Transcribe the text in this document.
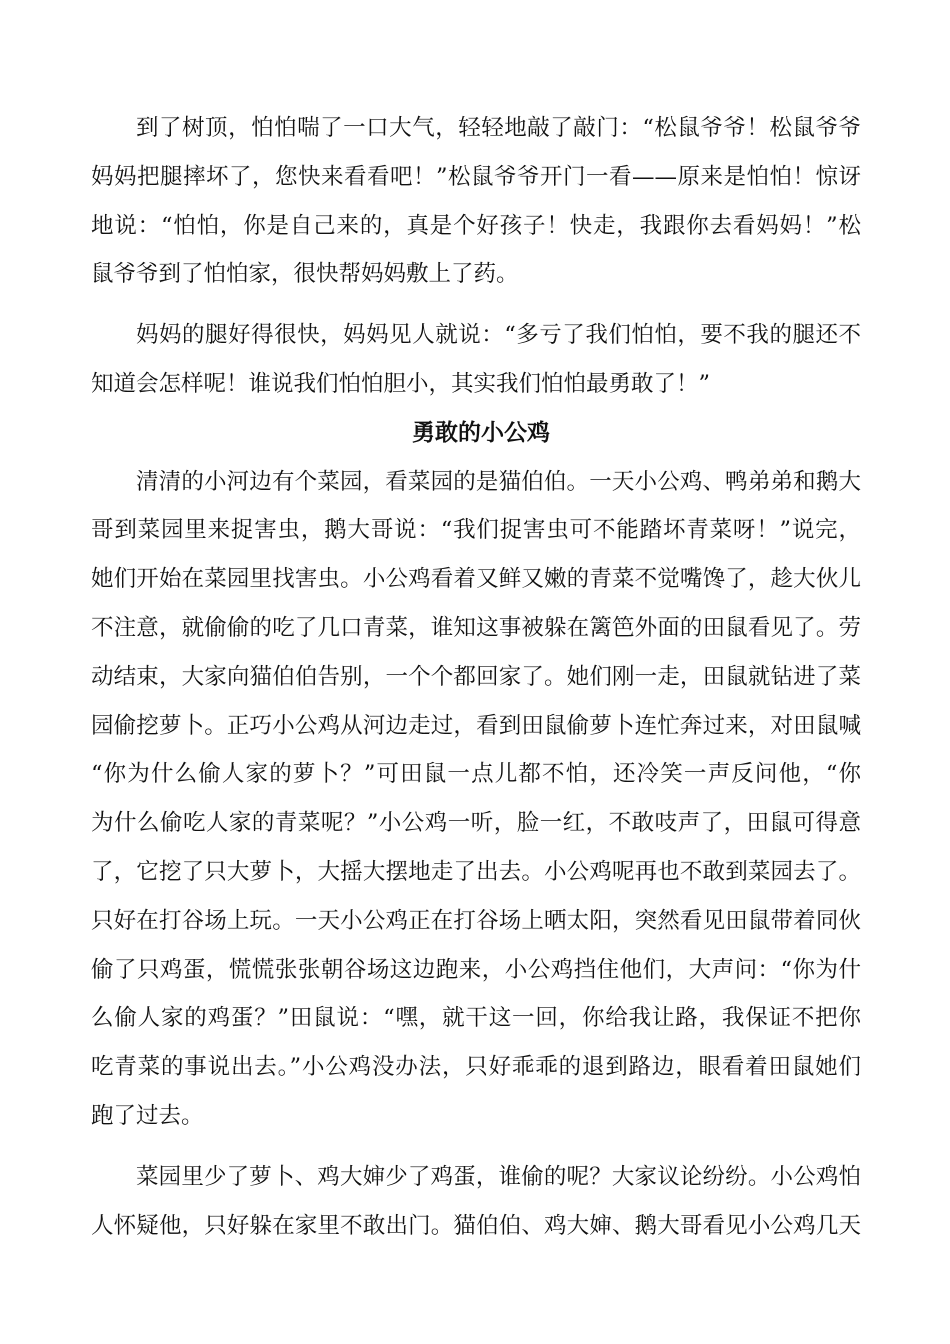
到了树顶，怕怕喘了一口大气，轻轻地敲了敲门：“松鼠爷爷！松鼠爷爷
妈妈把腿摔坏了，您快来看看吧！”松鼠爷爷开门一看——原来是怕怕！惊讶
地说：“怕怕，你是自己来的，真是个好孩子！快走，我跟你去看妈妈！”松
鼠爷爷到了怕怕家，很快帮妈妈敷上了药。
妈妈的腿好得很快，妈妈见人就说：“多亏了我们怕怕，要不我的腿还不
知道会怎样呢！谁说我们怕怕胆小，其实我们怕怕最勇敢了！”
勇敢的小公鸡
清清的小河边有个菜园，看菜园的是猫伯伯。一天小公鸡、鸭弟弟和鹅大
哥到菜园里来捉害虫，鹅大哥说：“我们捉害虫可不能踏坏青菜呀！”说完，
她们开始在菜园里找害虫。小公鸡看着又鲜又嫩的青菜不觉嘴馋了，趁大伙儿
不注意，就偷偷的吃了几口青菜，谁知这事被躲在篱笆外面的田鼠看见了。劳
动结束，大家向猫伯伯告别，一个个都回家了。她们刚一走，田鼠就钻进了菜
园偷挖萝卜。正巧小公鸡从河边走过，看到田鼠偷萝卜连忙奔过来，对田鼠喊
“你为什么偷人家的萝卜？”可田鼠一点儿都不怕，还冷笑一声反问他，“你
为什么偷吃人家的青菜呢？”小公鸡一听，脸一红，不敢吱声了，田鼠可得意
了，它挖了只大萝卜，大摇大摆地走了出去。小公鸡呢再也不敢到菜园去了。
只好在打谷场上玩。一天小公鸡正在打谷场上晒太阳，突然看见田鼠带着同伙
偷了只鸡蛋，慌慌张张朝谷场这边跑来，小公鸡挡住他们，大声问：“你为什
么偷人家的鸡蛋？”田鼠说：“嘿，就干这一回，你给我让路，我保证不把你
吃青菜的事说出去。”小公鸡没办法，只好乖乖的退到路边，眼看着田鼠她们
跑了过去。
菜园里少了萝卜、鸡大婶少了鸡蛋，谁偷的呢？大家议论纷纷。小公鸡怕
人怀疑他，只好躲在家里不敢出门。猫伯伯、鸡大婶、鹅大哥看见小公鸡几天
